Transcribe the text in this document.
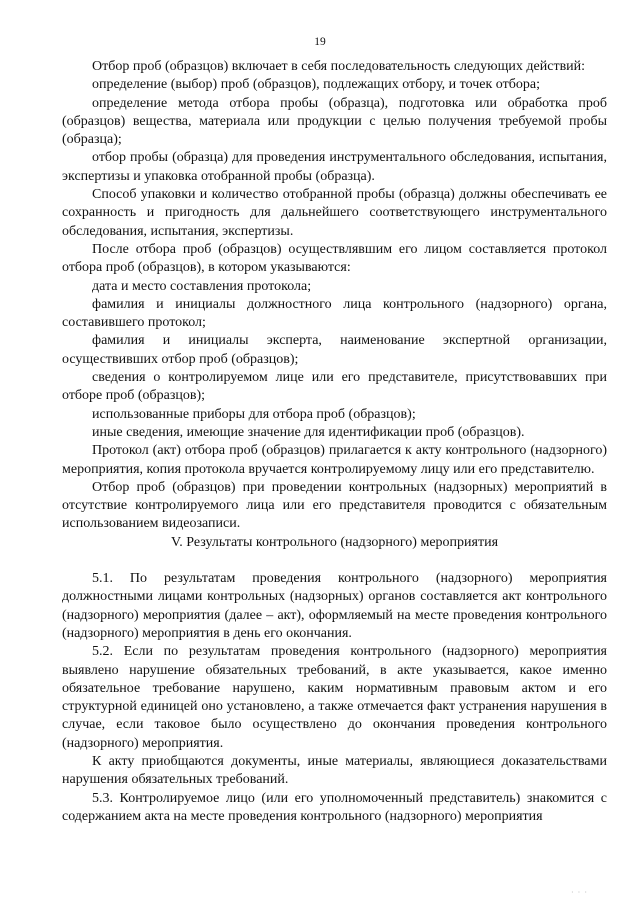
19

Отбор проб (образцов) включает в себя последовательность следующих действий:

определение (выбор) проб (образцов), подлежащих отбору, и точек отбора;

определение метода отбора пробы (образца), подготовка или обработка проб (образцов) вещества, материала или продукции с целью получения требуемой пробы (образца);

отбор пробы (образца) для проведения инструментального обследования, испытания, экспертизы и упаковка отобранной пробы (образца).

Способ упаковки и количество отобранной пробы (образца) должны обеспечивать ее сохранность и пригодность для дальнейшего соответствующего инструментального обследования, испытания, экспертизы.

После отбора проб (образцов) осуществлявшим его лицом составляется протокол отбора проб (образцов), в котором указываются:

дата и место составления протокола;

фамилия и инициалы должностного лица контрольного (надзорного) органа, составившего протокол;

фамилия и инициалы эксперта, наименование экспертной организации, осуществивших отбор проб (образцов);

сведения о контролируемом лице или его представителе, присутствовавших при отборе проб (образцов);

использованные приборы для отбора проб (образцов);

иные сведения, имеющие значение для идентификации проб (образцов).

Протокол (акт) отбора проб (образцов) прилагается к акту контрольного (надзорного) мероприятия, копия протокола вручается контролируемому лицу или его представителю.

Отбор проб (образцов) при проведении контрольных (надзорных) мероприятий в отсутствие контролируемого лица или его представителя проводится с обязательным использованием видеозаписи.

V. Результаты контрольного (надзорного) мероприятия

5.1. По результатам проведения контрольного (надзорного) мероприятия должностными лицами контрольных (надзорных) органов составляется акт контрольного (надзорного) мероприятия (далее – акт), оформляемый на месте проведения контрольного (надзорного) мероприятия в день его окончания.

5.2. Если по результатам проведения контрольного (надзорного) мероприятия выявлено нарушение обязательных требований, в акте указывается, какое именно обязательное требование нарушено, каким нормативным правовым актом и его структурной единицей оно установлено, а также отмечается факт устранения нарушения в случае, если таковое было осуществлено до окончания проведения контрольного (надзорного) мероприятия.

К акту приобщаются документы, иные материалы, являющиеся доказательствами нарушения обязательных требований.

5.3. Контролируемое лицо (или его уполномоченный представитель) знакомится с содержанием акта на месте проведения контрольного (надзорного) мероприятия

· · ·
